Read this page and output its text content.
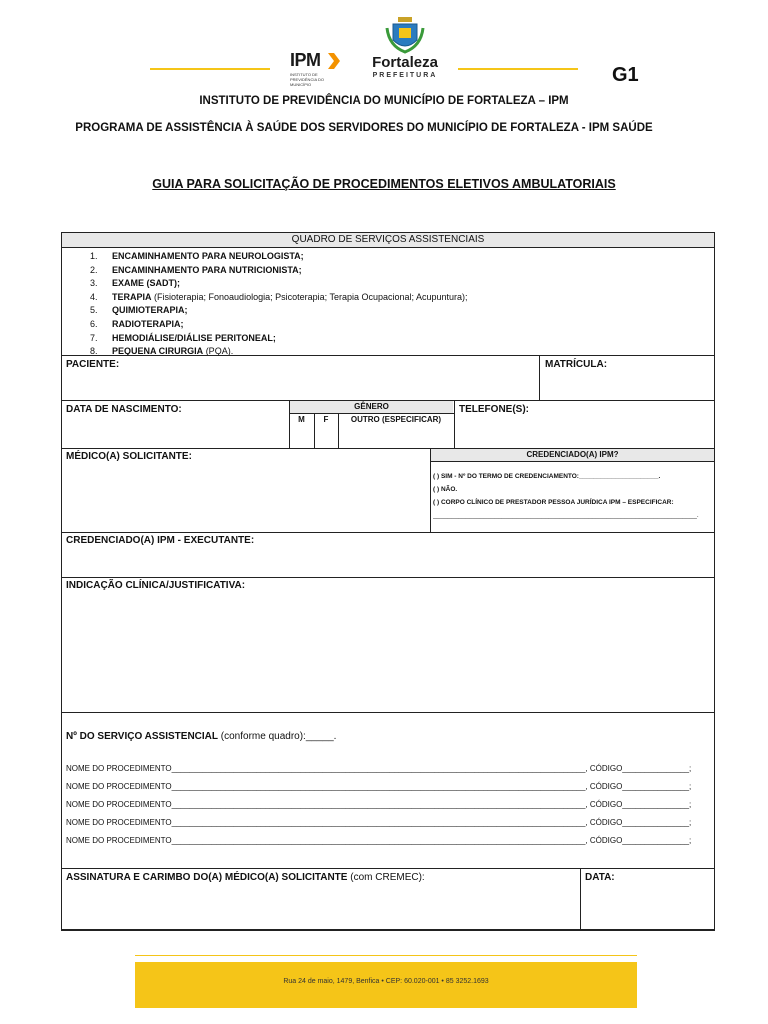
IPM
INSTITUTO DE PREVIDÊNCIA DO MUNICÍPIO
Fortaleza
PREFEITURA	G1
INSTITUTO DE PREVIDÊNCIA DO MUNICÍPIO DE FORTALEZA – IPM
PROGRAMA DE ASSISTÊNCIA À SAÚDE DOS SERVIDORES DO MUNICÍPIO DE FORTALEZA - IPM SAÚDE
GUIA PARA SOLICITAÇÃO DE PROCEDIMENTOS ELETIVOS AMBULATORIAIS
QUADRO DE SERVIÇOS ASSISTENCIAIS
1. ENCAMINHAMENTO PARA NEUROLOGISTA;
2. ENCAMINHAMENTO PARA NUTRICIONISTA;
3. EXAME (SADT);
4. TERAPIA (Fisioterapia; Fonoaudiologia; Psicoterapia; Terapia Ocupacional; Acupuntura);
5. QUIMIOTERAPIA;
6. RADIOTERAPIA;
7. HEMODIÁLISE/DIÁLISE PERITONEAL;
8. PEQUENA CIRURGIA (PQA).
PACIENTE:	MATRÍCULA:
DATA DE NASCIMENTO:	GÊNERO
M	F	OUTRO (ESPECIFICAR)
TELEFONE(S):
MÉDICO(A) SOLICITANTE:	CREDENCIADO(A) IPM?
( ) SIM - Nº DO TERMO DE CREDENCIAMENTO:______________________.
( ) NÃO.
( ) CORPO CLÍNICO DE PRESTADOR PESSOA JURÍDICA IPM – ESPECIFICAR:
_________________________________________________________________________.
CREDENCIADO(A) IPM - EXECUTANTE:
INDICAÇÃO CLÍNICA/JUSTIFICATIVA:
Nº DO SERVIÇO ASSISTENCIAL (conforme quadro):_____.
NOME DO PROCEDIMENTO_____________________________________________________________________________________________, CÓDIGO_______________;
NOME DO PROCEDIMENTO_____________________________________________________________________________________________, CÓDIGO_______________;
NOME DO PROCEDIMENTO_____________________________________________________________________________________________, CÓDIGO_______________;
NOME DO PROCEDIMENTO_____________________________________________________________________________________________, CÓDIGO_______________;
NOME DO PROCEDIMENTO_____________________________________________________________________________________________, CÓDIGO_______________;
ASSINATURA E CARIMBO DO(A) MÉDICO(A) SOLICITANTE (com CREMEC):	DATA:
Rua 24 de maio, 1479, Benfica • CEP: 60.020-001 • 85 3252.1693
